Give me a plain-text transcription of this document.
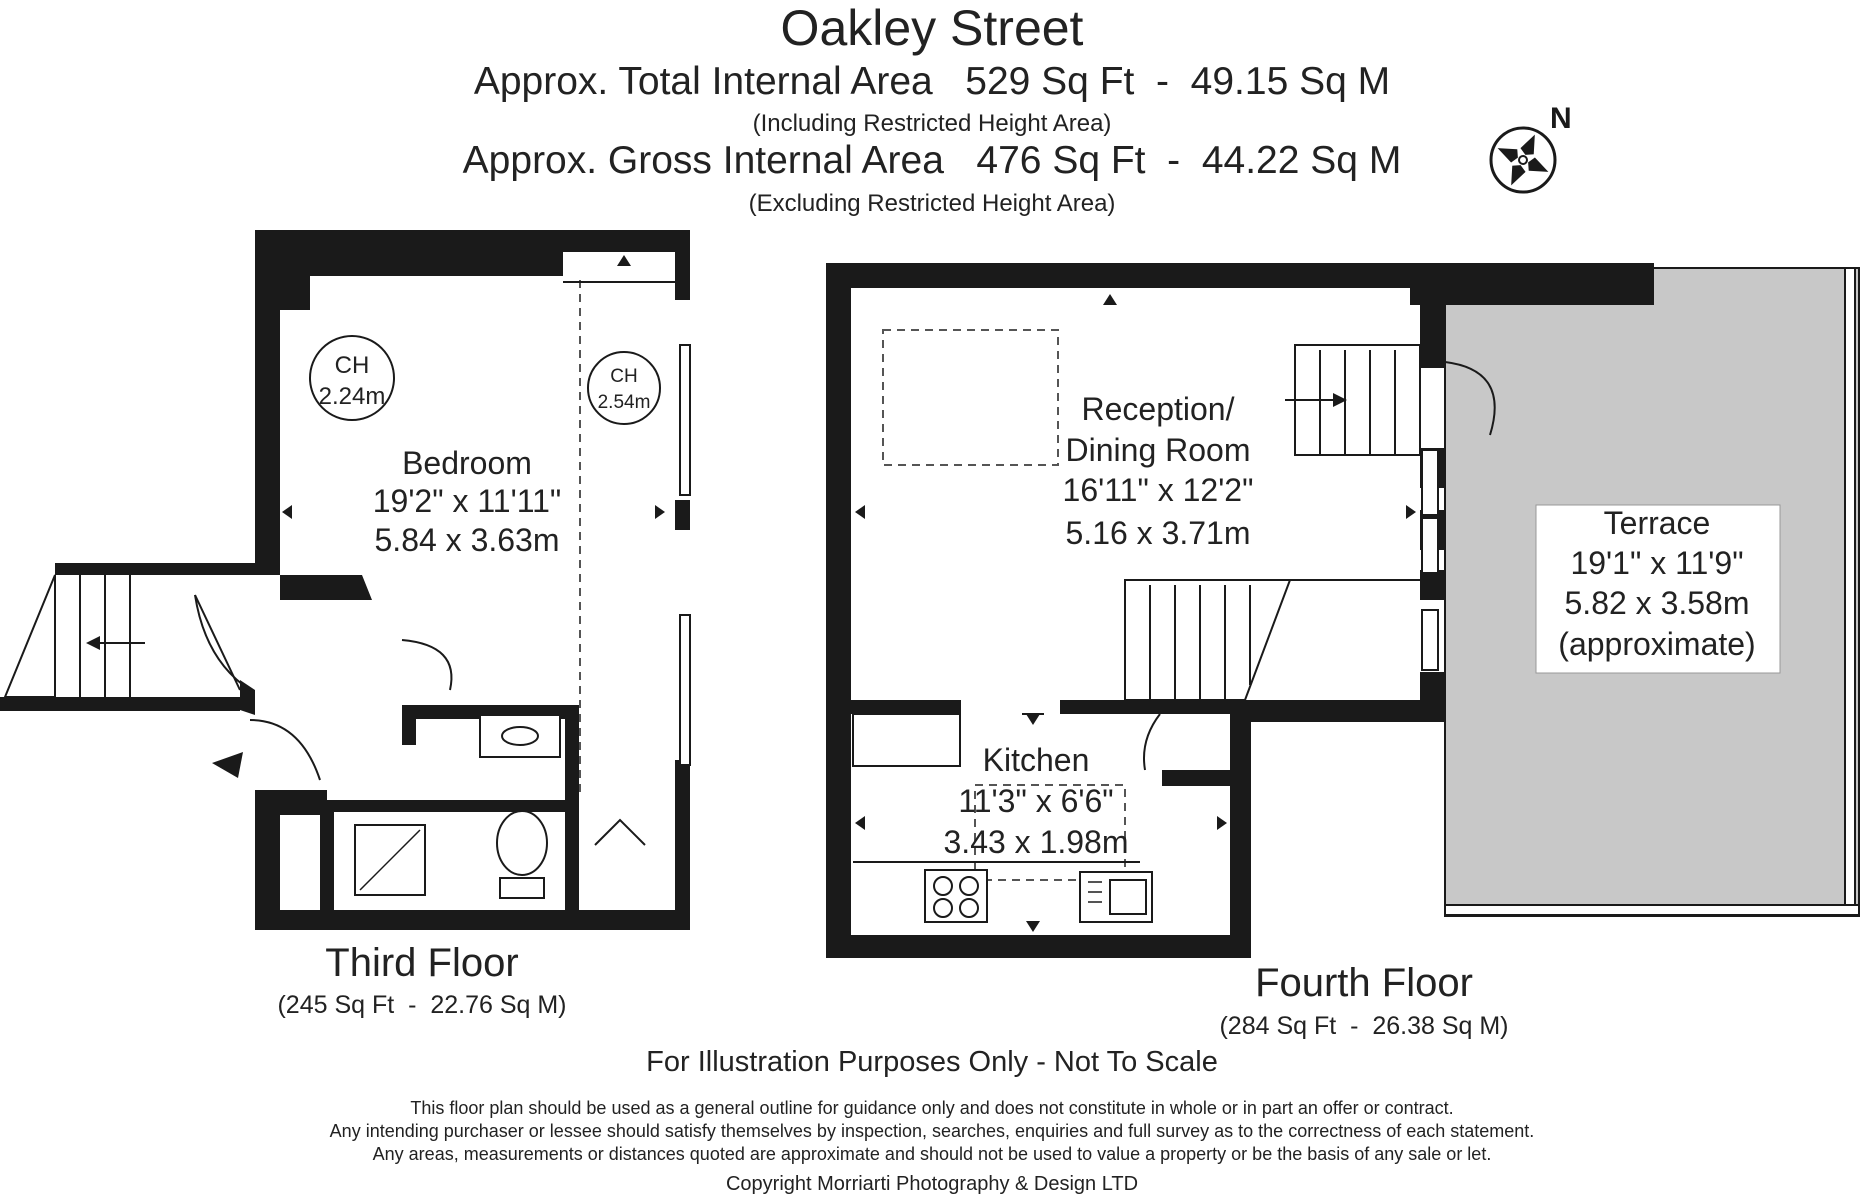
Oakley Street
Approx. Total Internal Area   529 Sq Ft  -  49.15 Sq M
(Including Restricted Height Area)
Approx. Gross Internal Area   476 Sq Ft  -  44.22 Sq M
(Excluding Restricted Height Area)
N
CH
2.24m
CH
2.54m
Bedroom
19'2" x 11'11"
5.84 x 3.63m
Reception/
Dining Room
16'11" x 12'2"
5.16 x 3.71m
Kitchen
11'3" x 6'6"
3.43 x 1.98m
Terrace
19'1" x 11'9"
5.82 x 3.58m
(approximate)
Third Floor
(245 Sq Ft  -  22.76 Sq M)	Fourth Floor
(284 Sq Ft  -  26.38 Sq M)
For Illustration Purposes Only - Not To Scale
This floor plan should be used as a general outline for guidance only and does not constitute in whole or in part an offer or contract.
Any intending purchaser or lessee should satisfy themselves by inspection, searches, enquiries and full survey as to the correctness of each statement.
Any areas, measurements or distances quoted are approximate and should not be used to value a property or be the basis of any sale or let.
Copyright Morriarti Photography & Design LTD
